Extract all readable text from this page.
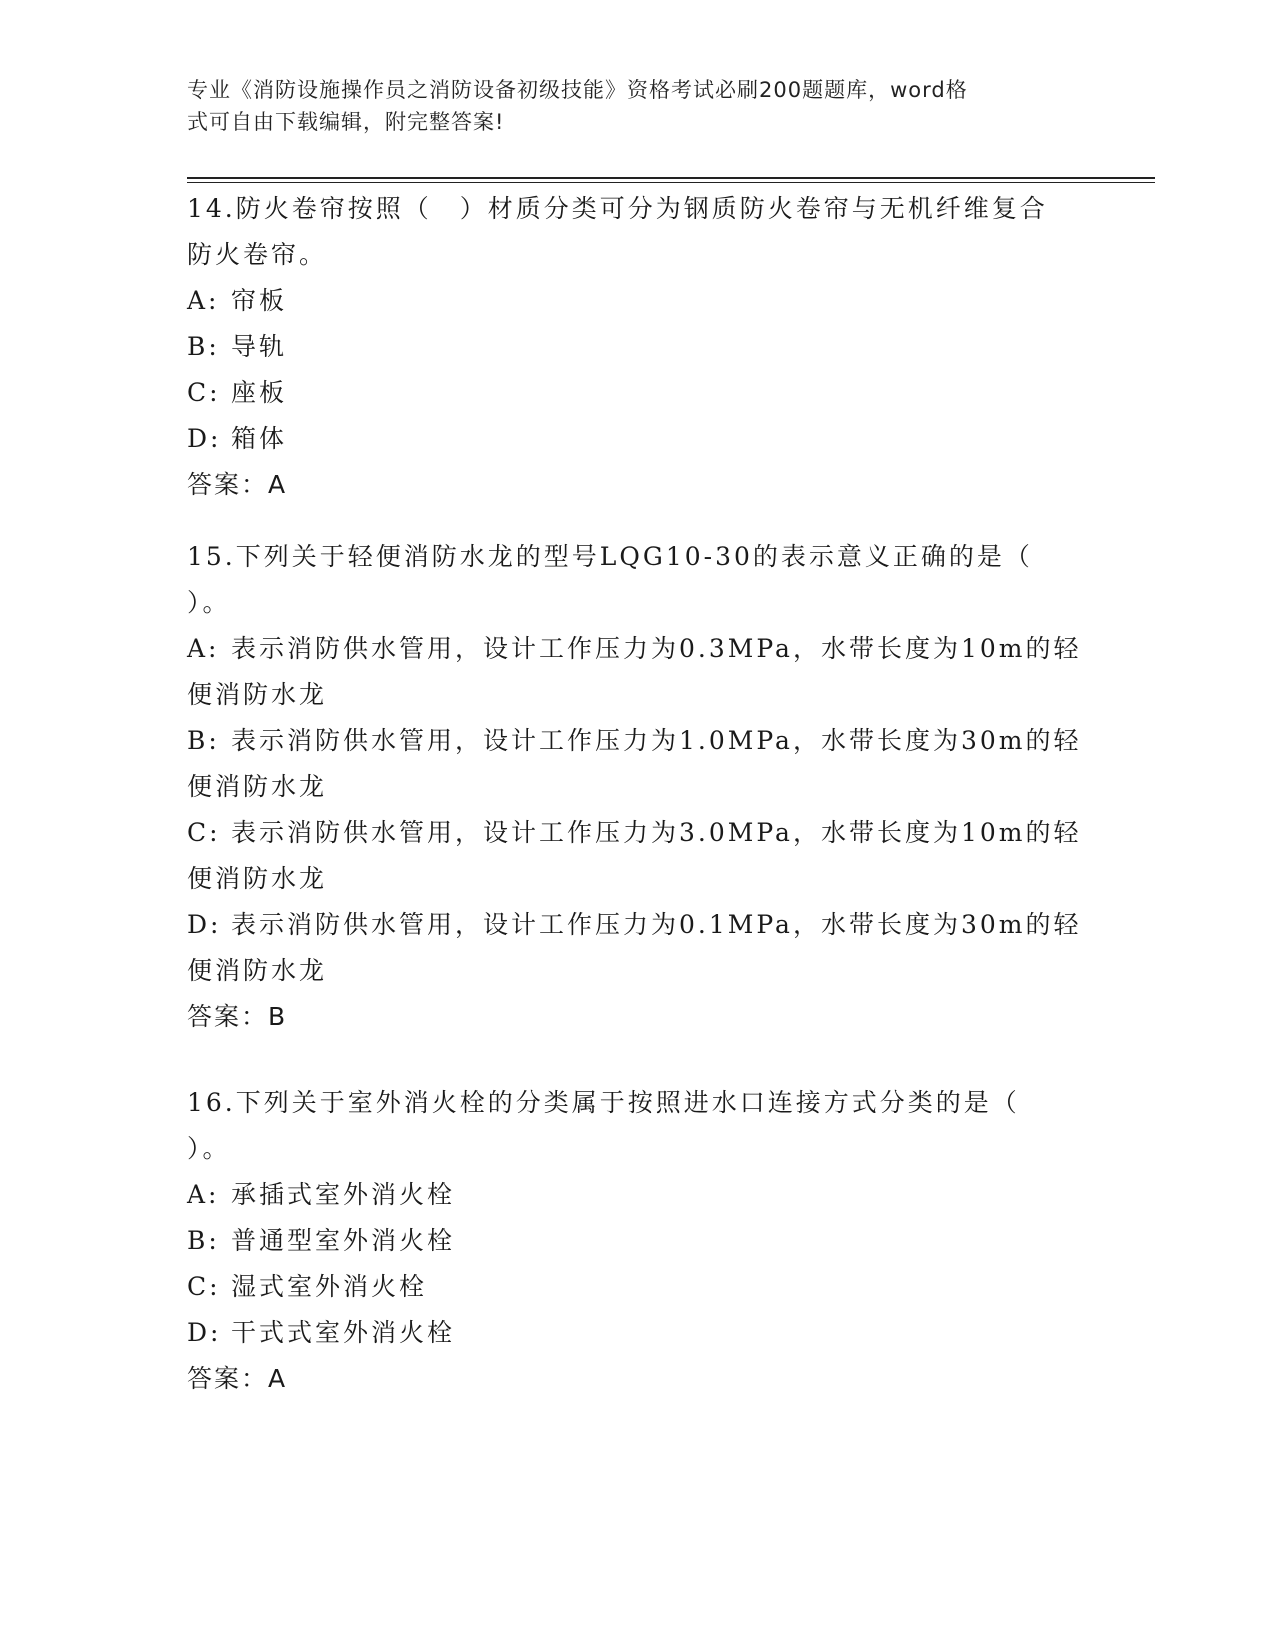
专业《消防设施操作员之消防设备初级技能》资格考试必刷200题题库，word格
式可自由下载编辑，附完整答案!

14.防火卷帘按照（　）材质分类可分为钢质防火卷帘与无机纤维复合

防火卷帘。

A: 帘板

B: 导轨

C: 座板

D: 箱体

答案：A

15.下列关于轻便消防水龙的型号LQG10-30的表示意义正确的是（

）。

A: 表示消防供水管用，设计工作压力为0.3MPa，水带长度为10m的轻

便消防水龙

B: 表示消防供水管用，设计工作压力为1.0MPa，水带长度为30m的轻

便消防水龙

C: 表示消防供水管用，设计工作压力为3.0MPa，水带长度为10m的轻

便消防水龙

D: 表示消防供水管用，设计工作压力为0.1MPa，水带长度为30m的轻

便消防水龙

答案：B

16.下列关于室外消火栓的分类属于按照进水口连接方式分类的是（

）。

A: 承插式室外消火栓

B: 普通型室外消火栓

C: 湿式室外消火栓

D: 干式式室外消火栓

答案：A
